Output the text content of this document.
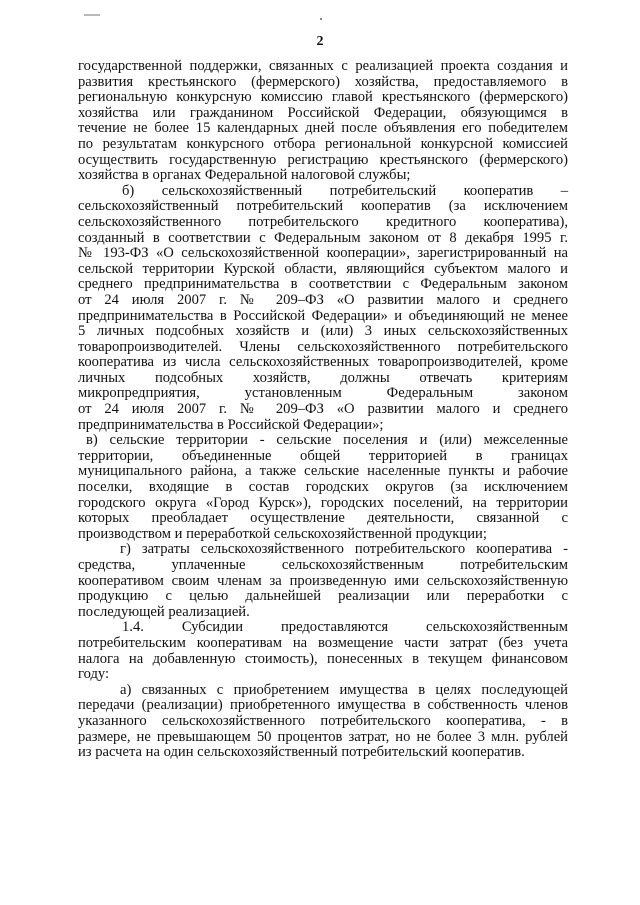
2

государственной поддержки, связанных с реализацией проекта создания и
развития крестьянского (фермерского) хозяйства, предоставляемого в
региональную конкурсную комиссию главой крестьянского (фермерского)
хозяйства или гражданином Российской Федерации, обязующимся в
течение не более 15 календарных дней после объявления его победителем
по результатам конкурсного отбора региональной конкурсной комиссией
осуществить государственную регистрацию крестьянского (фермерского)
хозяйства в органах Федеральной налоговой службы;

б) сельскохозяйственный потребительский кооператив –
сельскохозяйственный потребительский кооператив (за исключением
сельскохозяйственного потребительского кредитного кооператива),
созданный в соответствии с Федеральным законом от 8 декабря 1995 г.
№ 193-ФЗ «О сельскохозяйственной кооперации», зарегистрированный на
сельской территории Курской области, являющийся субъектом малого и
среднего предпринимательства в соответствии с Федеральным законом
от 24 июля 2007 г. № 209–ФЗ «О развитии малого и среднего
предпринимательства в Российской Федерации» и объединяющий не менее
5 личных подсобных хозяйств и (или) 3 иных сельскохозяйственных
товаропроизводителей. Члены сельскохозяйственного потребительского
кооператива из числа сельскохозяйственных товаропроизводителей, кроме
личных подсобных хозяйств, должны отвечать критериям
микропредприятия, установленным Федеральным законом
от 24 июля 2007 г. № 209–ФЗ «О развитии малого и среднего
предпринимательства в Российской Федерации»;

в) сельские территории - сельские поселения и (или) межселенные
территории, объединенные общей территорией в границах
муниципального района, а также сельские населенные пункты и рабочие
поселки, входящие в состав городских округов (за исключением
городского округа «Город Курск»), городских поселений, на территории
которых преобладает осуществление деятельности, связанной с
производством и переработкой сельскохозяйственной продукции;

г) затраты сельскохозяйственного потребительского кооператива -
средства, уплаченные сельскохозяйственным потребительским
кооперативом своим членам за произведенную ими сельскохозяйственную
продукцию с целью дальнейшей реализации или переработки с
последующей реализацией.

1.4. Субсидии предоставляются сельскохозяйственным
потребительским кооперативам на возмещение части затрат (без учета
налога на добавленную стоимость), понесенных в текущем финансовом
году:

а) связанных с приобретением имущества в целях последующей
передачи (реализации) приобретенного имущества в собственность членов
указанного сельскохозяйственного потребительского кооператива, - в
размере, не превышающем 50 процентов затрат, но не более 3 млн. рублей
из расчета на один сельскохозяйственный потребительский кооператив.
